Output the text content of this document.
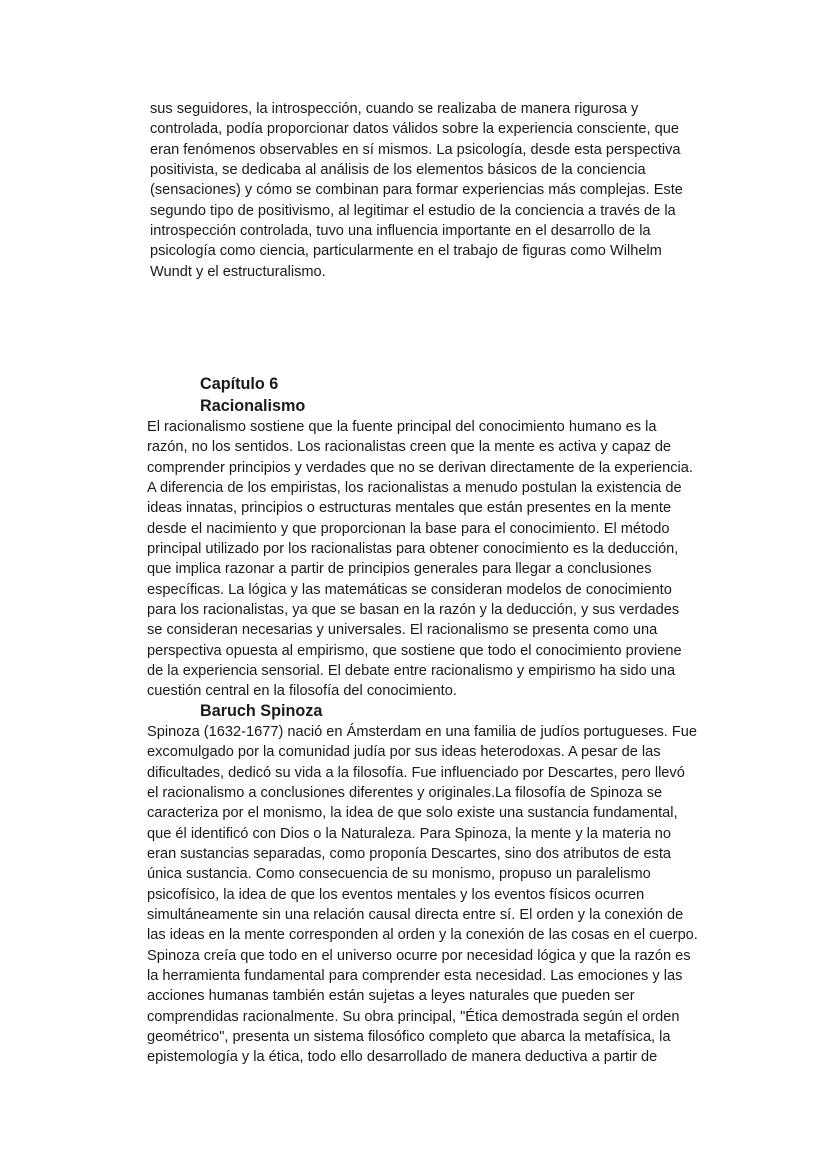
sus seguidores, la introspección, cuando se realizaba de manera rigurosa y
controlada, podía proporcionar datos válidos sobre la experiencia consciente, que
eran fenómenos observables en sí mismos. La psicología, desde esta perspectiva
positivista, se dedicaba al análisis de los elementos básicos de la conciencia
(sensaciones) y cómo se combinan para formar experiencias más complejas. Este
segundo tipo de positivismo, al legitimar el estudio de la conciencia a través de la
introspección controlada, tuvo una influencia importante en el desarrollo de la
psicología como ciencia, particularmente en el trabajo de figuras como Wilhelm
Wundt y el estructuralismo.
Capítulo 6
Racionalismo
El racionalismo sostiene que la fuente principal del conocimiento humano es la
razón, no los sentidos. Los racionalistas creen que la mente es activa y capaz de
comprender principios y verdades que no se derivan directamente de la experiencia.
A diferencia de los empiristas, los racionalistas a menudo postulan la existencia de
ideas innatas, principios o estructuras mentales que están presentes en la mente
desde el nacimiento y que proporcionan la base para el conocimiento. El método
principal utilizado por los racionalistas para obtener conocimiento es la deducción,
que implica razonar a partir de principios generales para llegar a conclusiones
específicas. La lógica y las matemáticas se consideran modelos de conocimiento
para los racionalistas, ya que se basan en la razón y la deducción, y sus verdades
se consideran necesarias y universales. El racionalismo se presenta como una
perspectiva opuesta al empirismo, que sostiene que todo el conocimiento proviene
de la experiencia sensorial. El debate entre racionalismo y empirismo ha sido una
cuestión central en la filosofía del conocimiento.
Baruch Spinoza
Spinoza (1632-1677) nació en Ámsterdam en una familia de judíos portugueses. Fue
excomulgado por la comunidad judía por sus ideas heterodoxas. A pesar de las
dificultades, dedicó su vida a la filosofía. Fue influenciado por Descartes, pero llevó
el racionalismo a conclusiones diferentes y originales.La filosofía de Spinoza se
caracteriza por el monismo, la idea de que solo existe una sustancia fundamental,
que él identificó con Dios o la Naturaleza. Para Spinoza, la mente y la materia no
eran sustancias separadas, como proponía Descartes, sino dos atributos de esta
única sustancia. Como consecuencia de su monismo, propuso un paralelismo
psicofísico, la idea de que los eventos mentales y los eventos físicos ocurren
simultáneamente sin una relación causal directa entre sí. El orden y la conexión de
las ideas en la mente corresponden al orden y la conexión de las cosas en el cuerpo.
Spinoza creía que todo en el universo ocurre por necesidad lógica y que la razón es
la herramienta fundamental para comprender esta necesidad. Las emociones y las
acciones humanas también están sujetas a leyes naturales que pueden ser
comprendidas racionalmente. Su obra principal, "Ética demostrada según el orden
geométrico", presenta un sistema filosófico completo que abarca la metafísica, la
epistemología y la ética, todo ello desarrollado de manera deductiva a partir de
